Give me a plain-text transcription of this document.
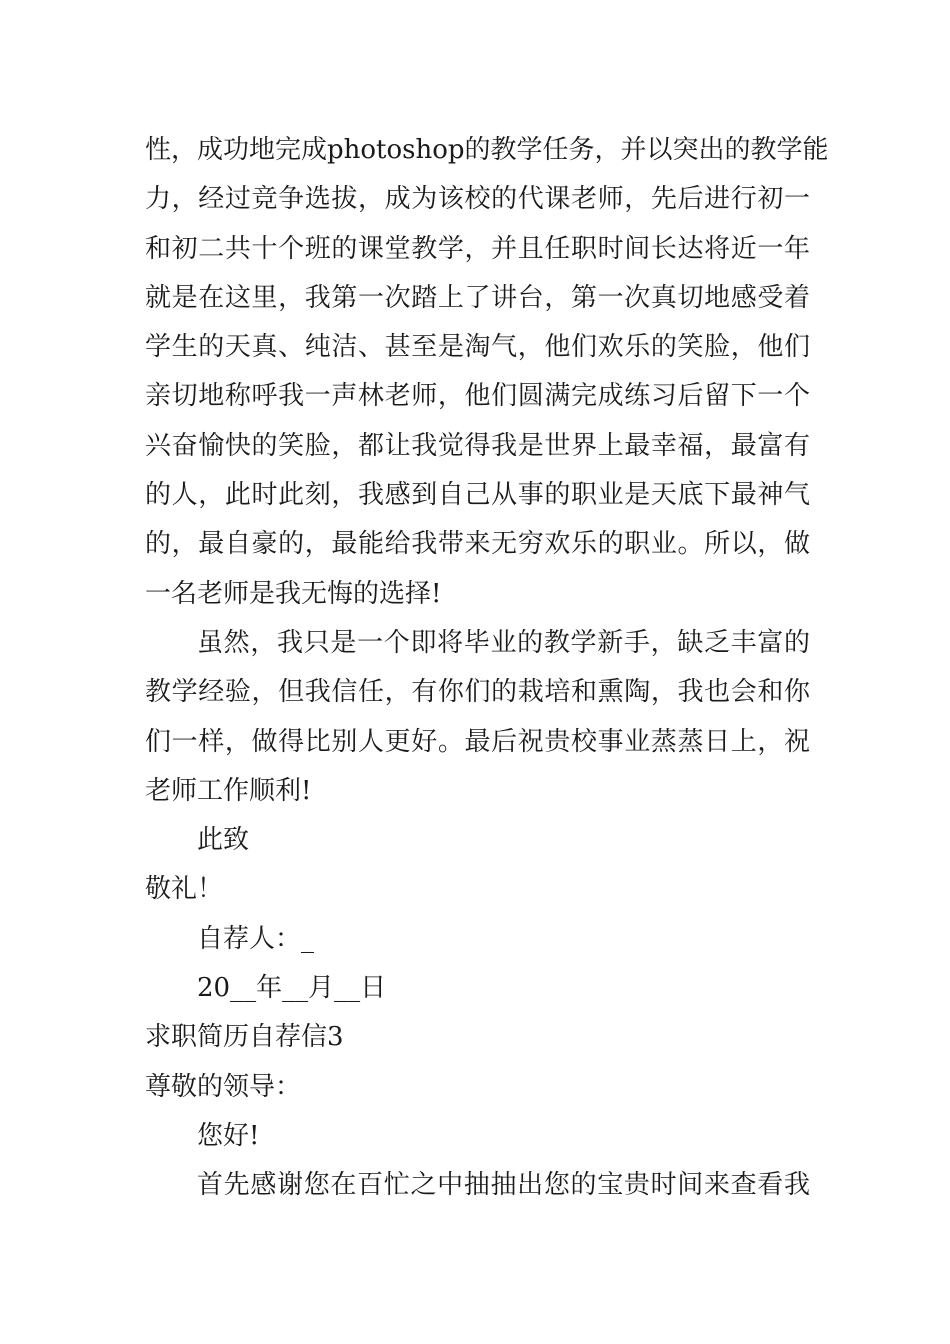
性，成功地完成photoshop的教学任务，并以突出的教学能
力，经过竞争选拔，成为该校的代课老师，先后进行初一
和初二共十个班的课堂教学，并且任职时间长达将近一年
就是在这里，我第一次踏上了讲台，第一次真切地感受着
学生的天真、纯洁、甚至是淘气，他们欢乐的笑脸，他们
亲切地称呼我一声林老师，他们圆满完成练习后留下一个
兴奋愉快的笑脸，都让我觉得我是世界上最幸福，最富有
的人，此时此刻，我感到自己从事的职业是天底下最神气
的，最自豪的，最能给我带来无穷欢乐的职业。所以，做
一名老师是我无悔的选择!
虽然，我只是一个即将毕业的教学新手，缺乏丰富的
教学经验，但我信任，有你们的栽培和熏陶，我也会和你
们一样，做得比别人更好。最后祝贵校事业蒸蒸日上，祝
老师工作顺利!
此致
敬礼！
自荐人：_
20__年__月__日
求职简历自荐信3
尊敬的领导：
您好!
首先感谢您在百忙之中抽抽出您的宝贵时间来查看我
